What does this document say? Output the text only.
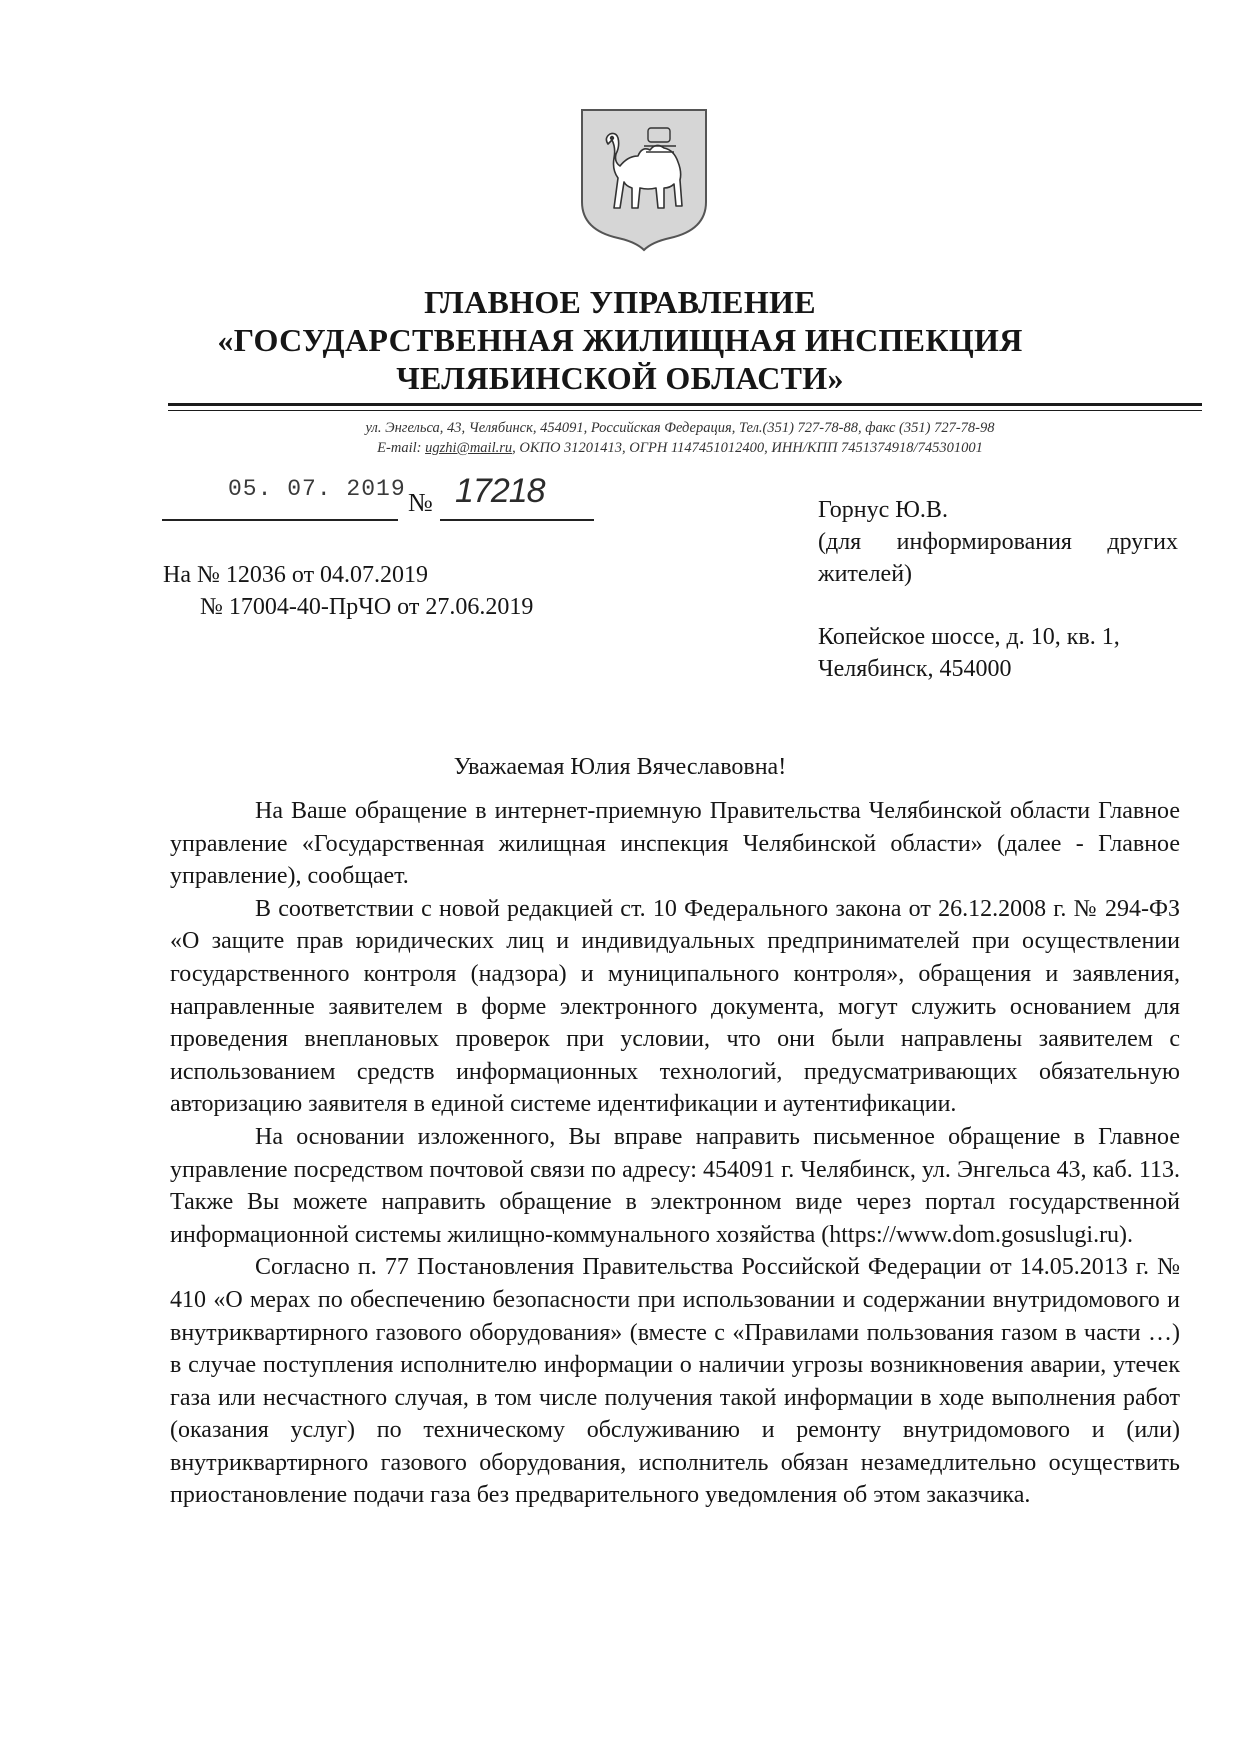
ГЛАВНОЕ УПРАВЛЕНИЕ
«ГОСУДАРСТВЕННАЯ ЖИЛИЩНАЯ ИНСПЕКЦИЯ
ЧЕЛЯБИНСКОЙ ОБЛАСТИ»
ул. Энгельса, 43, Челябинск, 454091, Российская Федерация, Тел.(351) 727-78-88, факс (351) 727-78-98
E-mail: ugzhi@mail.ru, ОКПО 31201413, ОГРН 1147451012400, ИНН/КПП 7451374918/745301001
05. 07. 2019 № 17218
На № 12036 от 04.07.2019
№ 17004-40-ПрЧО от 27.06.2019
Горнус Ю.В.
(для информирования других
жителей)
Копейское шоссе, д. 10, кв. 1,
Челябинск, 454000
Уважаемая Юлия Вячеславовна!

На Ваше обращение в интернет-приемную Правительства Челябинской области Главное управление «Государственная жилищная инспекция Челябинской области» (далее - Главное управление), сообщает.

В соответствии с новой редакцией ст. 10 Федерального закона от 26.12.2008 г. № 294-ФЗ «О защите прав юридических лиц и индивидуальных предпринимателей при осуществлении государственного контроля (надзора) и муниципального контроля», обращения и заявления, направленные заявителем в форме электронного документа, могут служить основанием для проведения внеплановых проверок при условии, что они были направлены заявителем с использованием средств информационных технологий, предусматривающих обязательную авторизацию заявителя в единой системе идентификации и аутентификации.

На основании изложенного, Вы вправе направить письменное обращение в Главное управление посредством почтовой связи по адресу: 454091 г. Челябинск, ул. Энгельса 43, каб. 113. Также Вы можете направить обращение в электронном виде через портал государственной информационной системы жилищно-коммунального хозяйства (https://www.dom.gosuslugi.ru).

Согласно п. 77 Постановления Правительства Российской Федерации от 14.05.2013 г. № 410 «О мерах по обеспечению безопасности при использовании и содержании внутридомового и внутриквартирного газового оборудования» (вместе с «Правилами пользования газом в части …) в случае поступления исполнителю информации о наличии угрозы возникновения аварии, утечек газа или несчастного случая, в том числе получения такой информации в ходе выполнения работ (оказания услуг) по техническому обслуживанию и ремонту внутридомового и (или) внутриквартирного газового оборудования, исполнитель обязан незамедлительно осуществить приостановление подачи газа без предварительного уведомления об этом заказчика.
